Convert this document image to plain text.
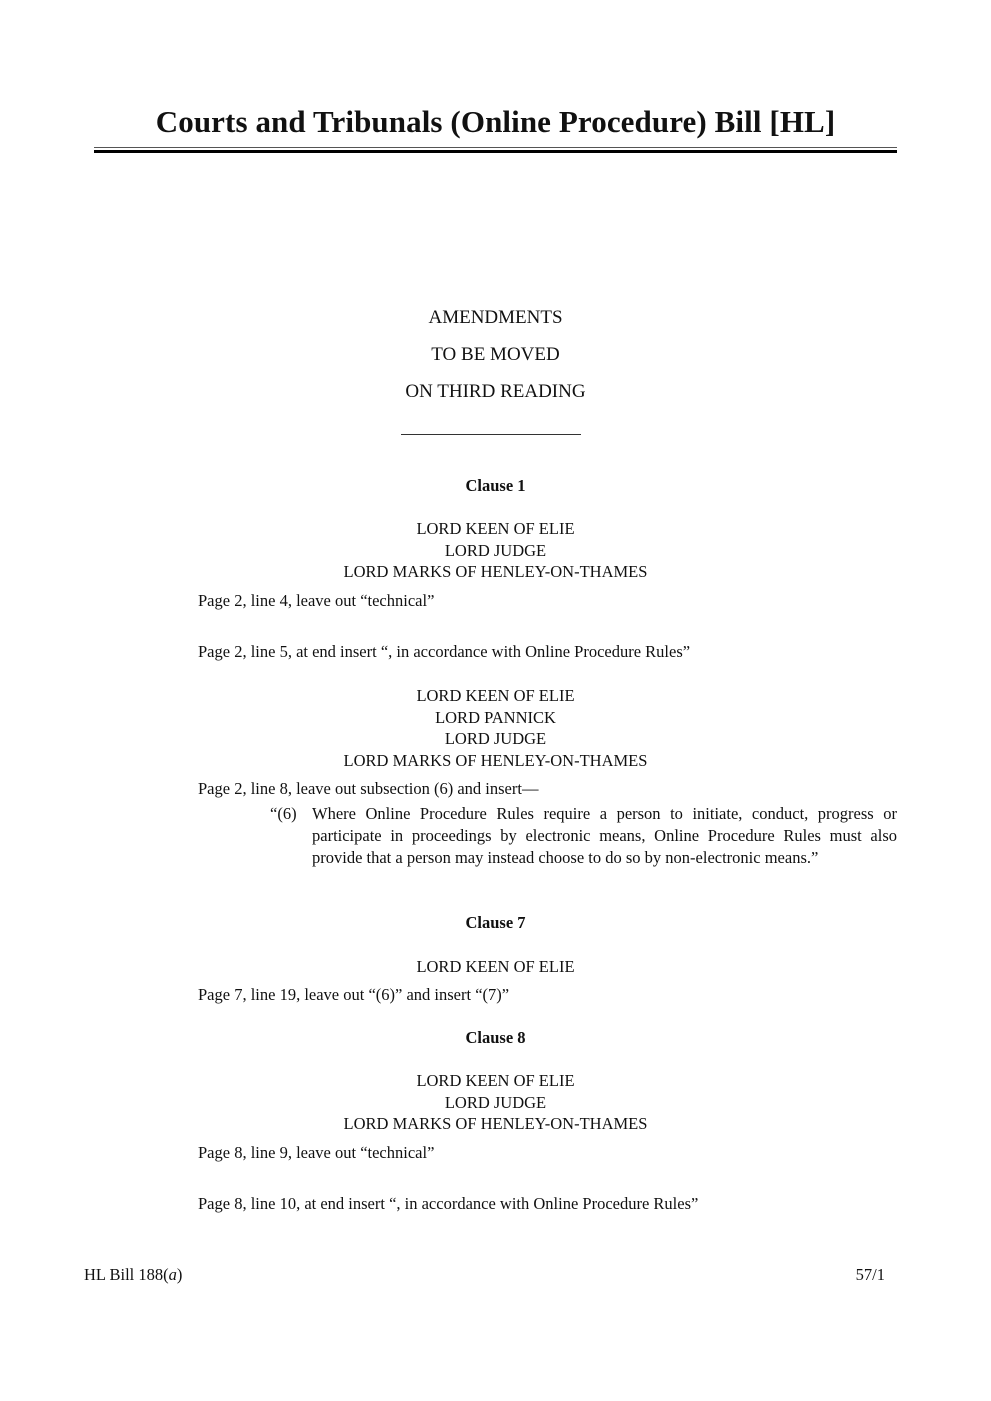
Courts and Tribunals (Online Procedure) Bill [HL]
AMENDMENTS
TO BE MOVED
ON THIRD READING
Clause 1
LORD KEEN OF ELIE
LORD JUDGE
LORD MARKS OF HENLEY-ON-THAMES
Page 2, line 4, leave out “technical”
Page 2, line 5, at end insert “, in accordance with Online Procedure Rules”
LORD KEEN OF ELIE
LORD PANNICK
LORD JUDGE
LORD MARKS OF HENLEY-ON-THAMES
Page 2, line 8, leave out subsection (6) and insert—
“(6) Where Online Procedure Rules require a person to initiate, conduct, progress or participate in proceedings by electronic means, Online Procedure Rules must also provide that a person may instead choose to do so by non-electronic means.”
Clause 7
LORD KEEN OF ELIE
Page 7, line 19, leave out “(6)” and insert “(7)”
Clause 8
LORD KEEN OF ELIE
LORD JUDGE
LORD MARKS OF HENLEY-ON-THAMES
Page 8, line 9, leave out “technical”
Page 8, line 10, at end insert “, in accordance with Online Procedure Rules”
HL Bill 188(a)	57/1
